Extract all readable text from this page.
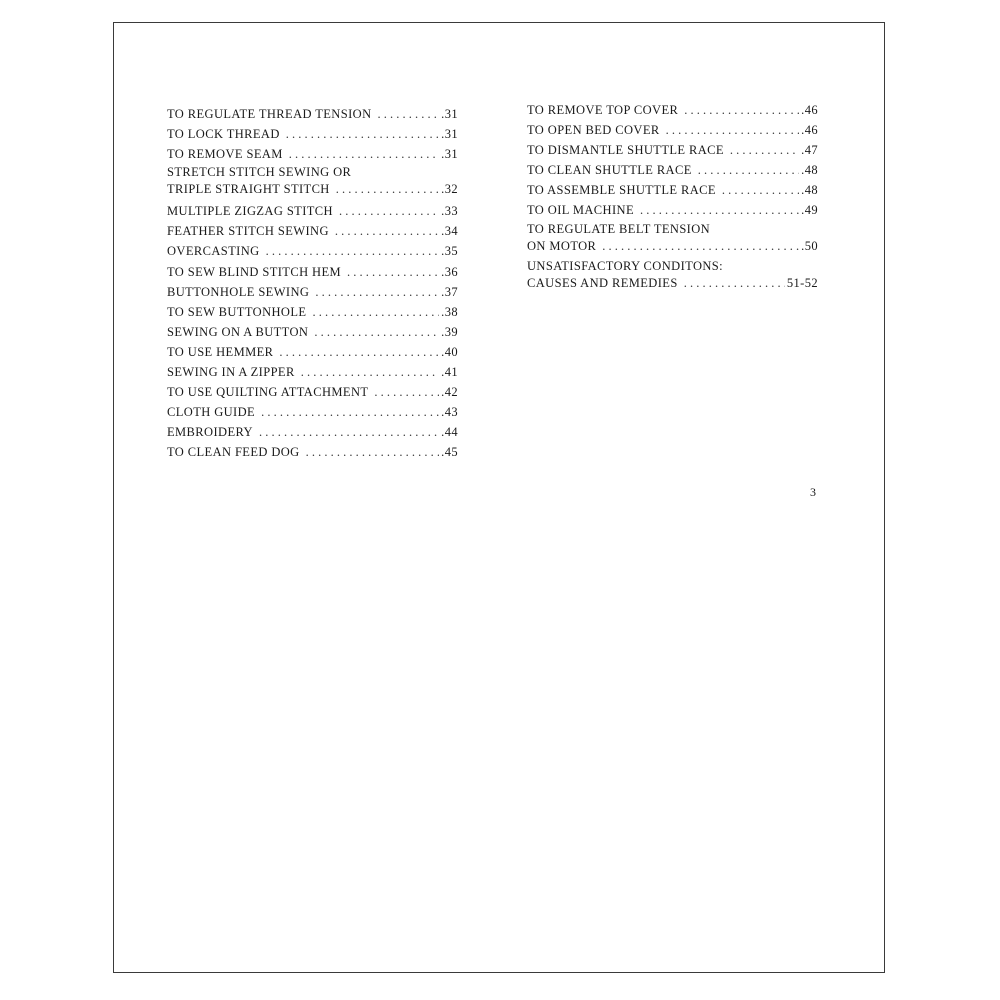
TO REGULATE THREAD TENSION . . .	.31
TO LOCK THREAD . . .	.31
TO REMOVE SEAM . . .	.31
STRETCH STITCH SEWING OR
TRIPLE STRAIGHT STITCH . . .	.32
MULTIPLE ZIGZAG STITCH . . .	.33
FEATHER STITCH SEWING . . .	.34
OVERCASTING . . .	.35
TO SEW BLIND STITCH HEM . . .	.36
BUTTONHOLE SEWING . . .	.37
TO SEW BUTTONHOLE . . .	.38
SEWING ON A BUTTON . . .	.39
TO USE HEMMER . . .	.40
SEWING IN A ZIPPER . . .	.41
TO USE QUILTING ATTACHMENT . . .	.42
CLOTH GUIDE . . .	.43
EMBROIDERY . . .	.44
TO CLEAN FEED DOG . . .	.45
TO REMOVE TOP COVER . . .	.46
TO OPEN BED COVER . . .	.46
TO DISMANTLE SHUTTLE RACE . . .	.47
TO CLEAN SHUTTLE RACE . . .	.48
TO ASSEMBLE SHUTTLE RACE . . .	.48
TO OIL MACHINE . . .	.49
TO REGULATE BELT TENSION
ON MOTOR . . .	.50
UNSATISFACTORY CONDITONS:
CAUSES AND REMEDIES . . .	51-52
3
